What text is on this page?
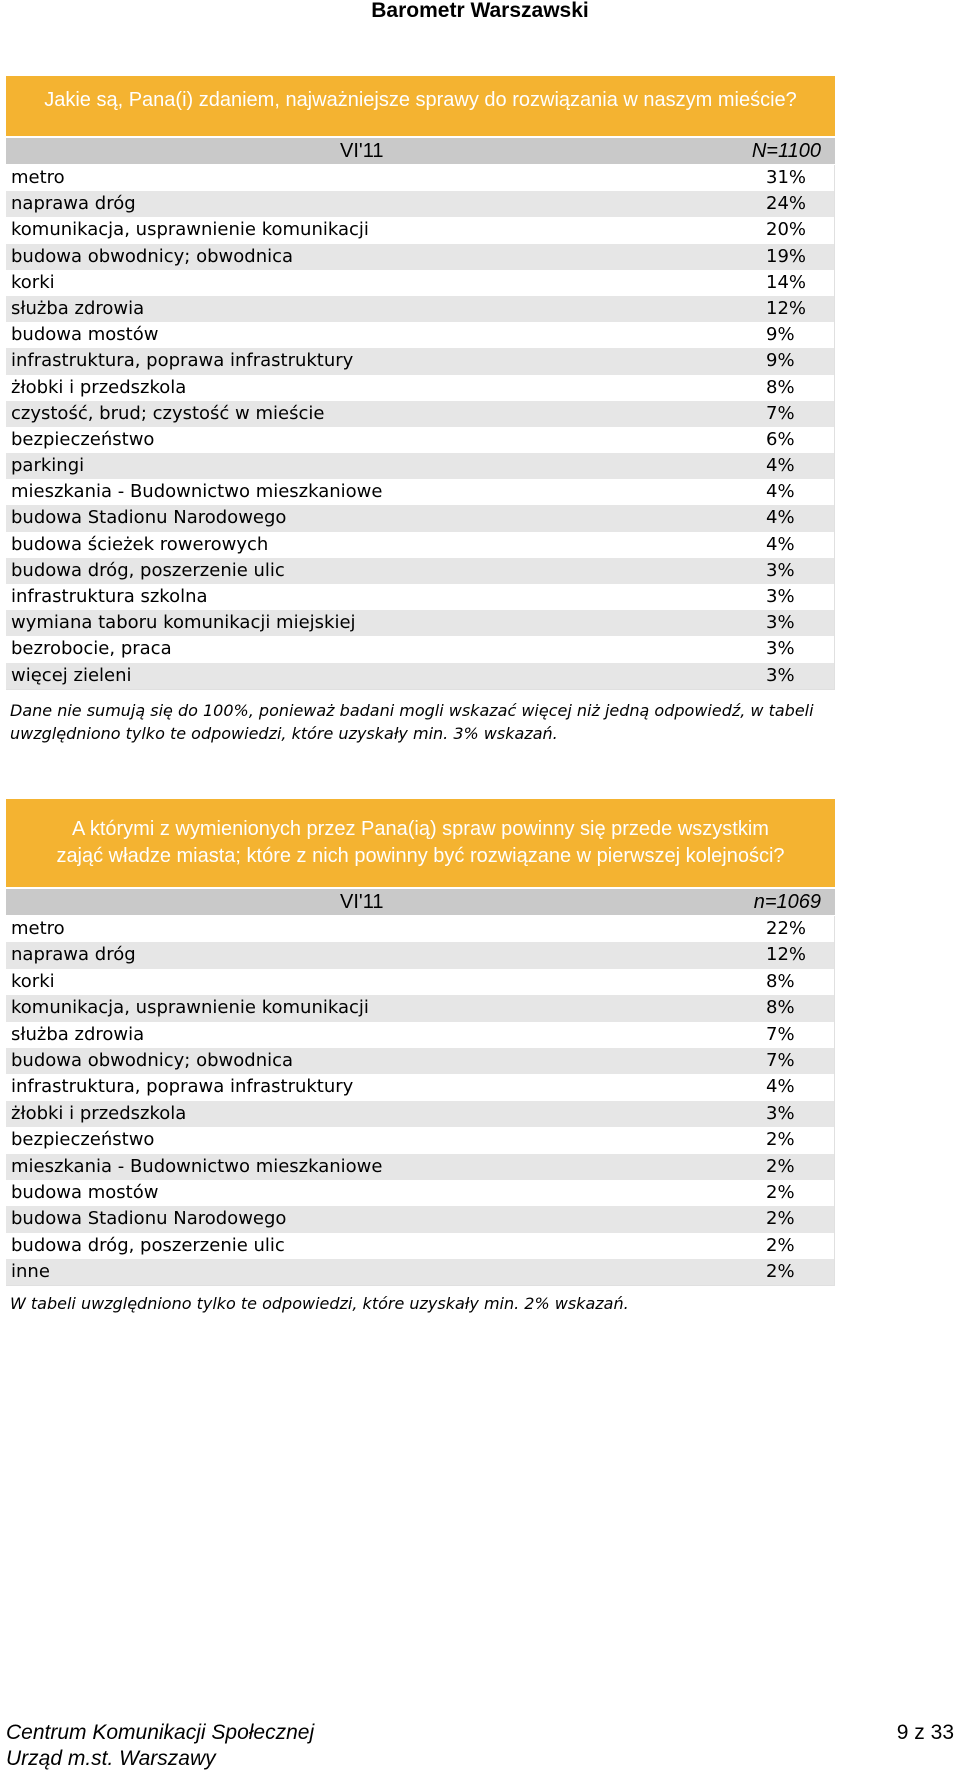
Barometr Warszawski
Jakie są, Pana(i) zdaniem, najważniejsze sprawy do rozwiązania w naszym mieście?
VI'11	N=1100
metro	31%
naprawa dróg	24%
komunikacja, usprawnienie komunikacji	20%
budowa obwodnicy; obwodnica	19%
korki	14%
służba zdrowia	12%
budowa mostów	9%
infrastruktura, poprawa infrastruktury	9%
żłobki i przedszkola	8%
czystość, brud; czystość w mieście	7%
bezpieczeństwo	6%
parkingi	4%
mieszkania - Budownictwo mieszkaniowe	4%
budowa Stadionu Narodowego	4%
budowa ścieżek rowerowych	4%
budowa dróg, poszerzenie ulic	3%
infrastruktura szkolna	3%
wymiana taboru komunikacji miejskiej	3%
bezrobocie, praca	3%
więcej zieleni	3%
Dane nie sumują się do 100%, ponieważ badani mogli wskazać więcej niż jedną odpowiedź, w tabeli
uwzględniono tylko te odpowiedzi, które uzyskały min. 3% wskazań.
A którymi z wymienionych przez Pana(ią) spraw powinny się przede wszystkim
zająć władze miasta; które z nich powinny być rozwiązane w pierwszej kolejności?
VI'11	n=1069
metro	22%
naprawa dróg	12%
korki	8%
komunikacja, usprawnienie komunikacji	8%
służba zdrowia	7%
budowa obwodnicy; obwodnica	7%
infrastruktura, poprawa infrastruktury	4%
żłobki i przedszkola	3%
bezpieczeństwo	2%
mieszkania - Budownictwo mieszkaniowe	2%
budowa mostów	2%
budowa Stadionu Narodowego	2%
budowa dróg, poszerzenie ulic	2%
inne	2%
W tabeli uwzględniono tylko te odpowiedzi, które uzyskały min. 2% wskazań.
Centrum Komunikacji Społecznej
Urząd m.st. Warszawy
9 z 33
